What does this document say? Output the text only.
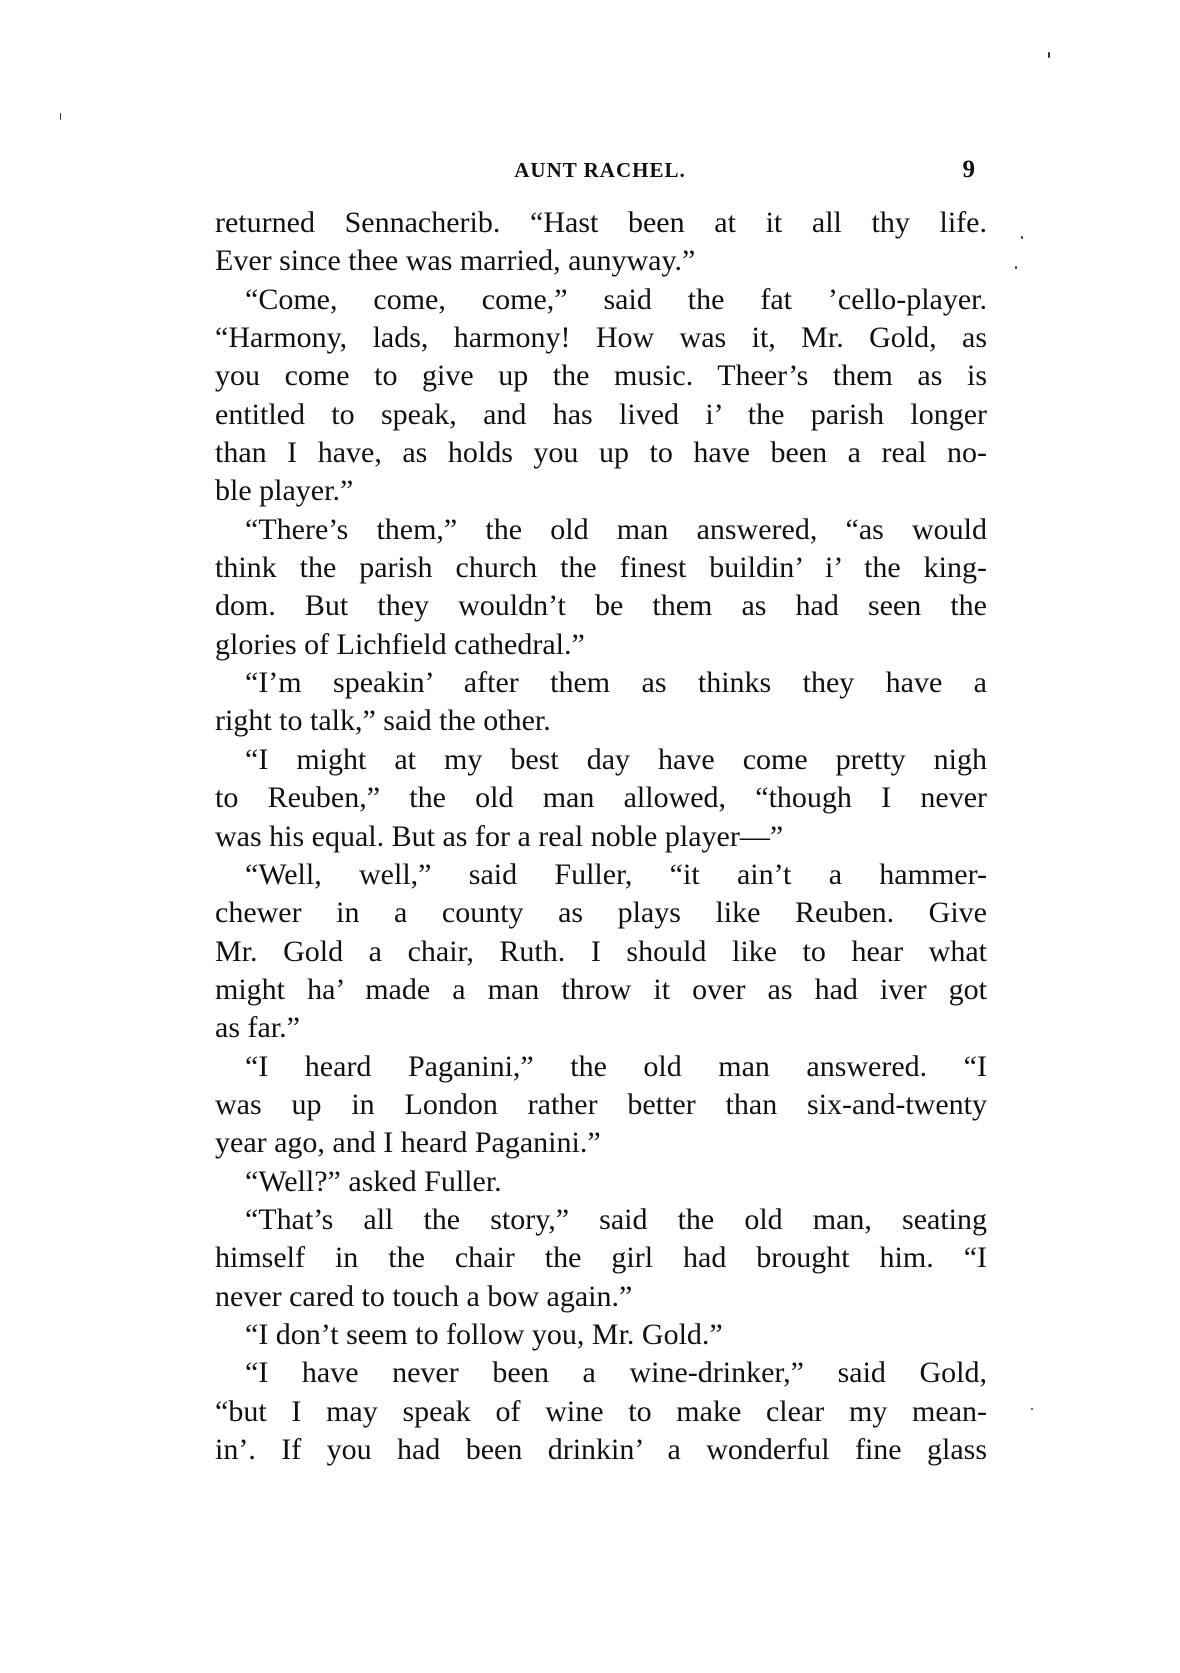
AUNT RACHEL.	9
returned Sennacherib. “Hast been at it all thy life.
Ever since thee was married, aunyway.”
“Come, come, come,” said the fat ’cello-player.
“Harmony, lads, harmony! How was it, Mr. Gold, as
you come to give up the music. Theer’s them as is
entitled to speak, and has lived i’ the parish longer
than I have, as holds you up to have been a real no-
ble player.”
“There’s them,” the old man answered, “as would
think the parish church the finest buildin’ i’ the king-
dom. But they wouldn’t be them as had seen the
glories of Lichfield cathedral.”
“I’m speakin’ after them as thinks they have a
right to talk,” said the other.
“I might at my best day have come pretty nigh
to Reuben,” the old man allowed, “though I never
was his equal. But as for a real noble player—”
“Well, well,” said Fuller, “it ain’t a hammer-
chewer in a county as plays like Reuben. Give
Mr. Gold a chair, Ruth. I should like to hear what
might ha’ made a man throw it over as had iver got
as far.”
“I heard Paganini,” the old man answered. “I
was up in London rather better than six-and-twenty
year ago, and I heard Paganini.”
“Well?” asked Fuller.
“That’s all the story,” said the old man, seating
himself in the chair the girl had brought him. “I
never cared to touch a bow again.”
“I don’t seem to follow you, Mr. Gold.”
“I have never been a wine-drinker,” said Gold,
“but I may speak of wine to make clear my mean-
in’. If you had been drinkin’ a wonderful fine glass
